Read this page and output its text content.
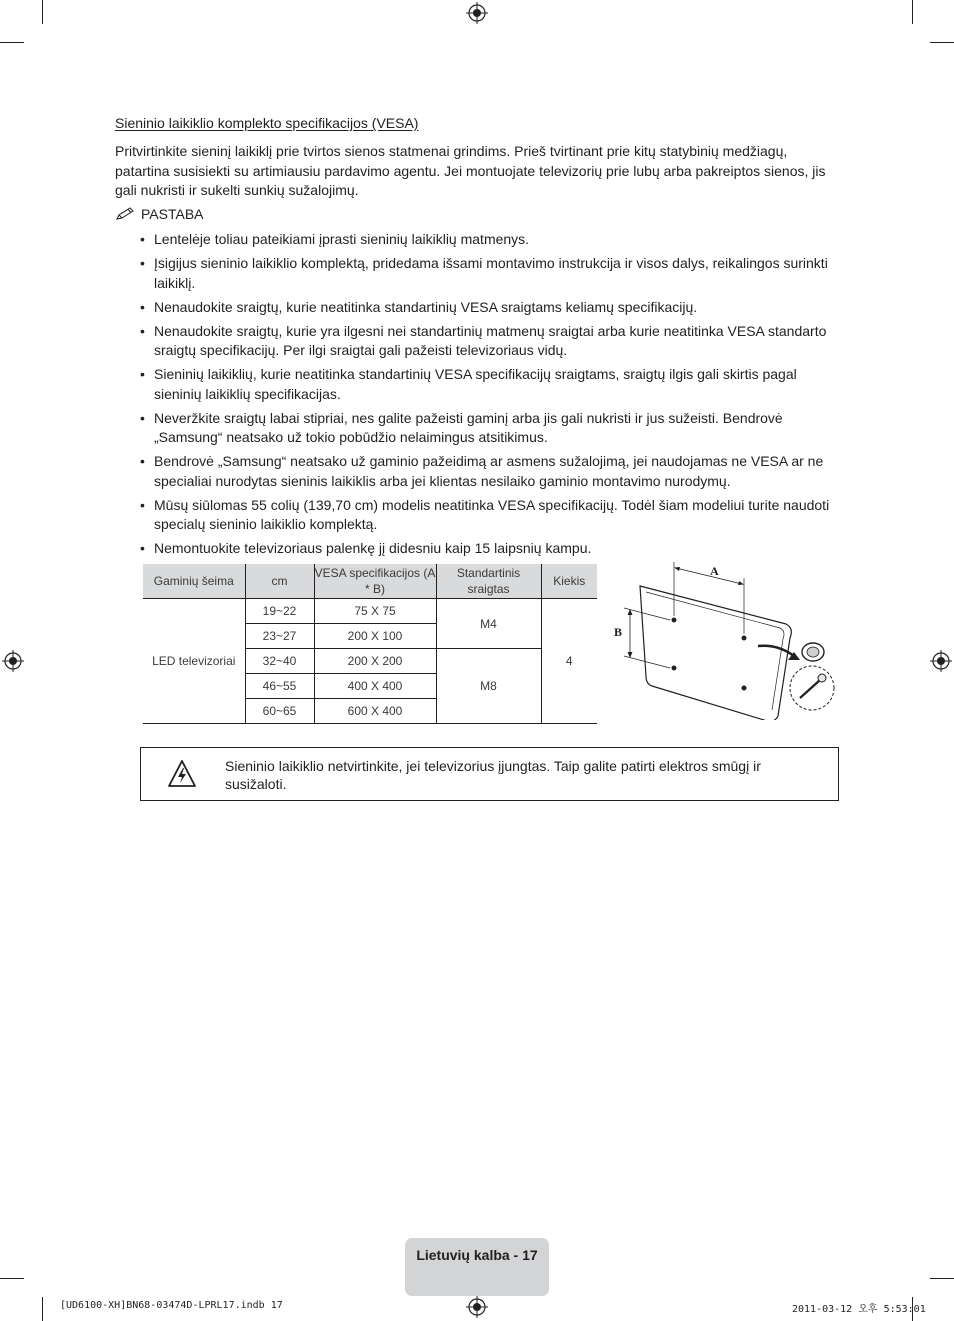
Sieninio laikiklio komplekto specifikacijos (VESA)
Pritvirtinkite sieninį laikiklį prie tvirtos sienos statmenai grindims. Prieš tvirtinant prie kitų statybinių medžiagų, patartina susisiekti su artimiausiu pardavimo agentu. Jei montuojate televizorių prie lubų arba pakreiptos sienos, jis gali nukristi ir sukelti sunkių sužalojimų.
PASTABA
• Lentelėje toliau pateikiami įprasti sieninių laikiklių matmenys.
• Įsigijus sieninio laikiklio komplektą, pridedama išsami montavimo instrukcija ir visos dalys, reikalingos surinkti laikiklį.
• Nenaudokite sraigtų, kurie neatitinka standartinių VESA sraigtams keliamų specifikacijų.
• Nenaudokite sraigtų, kurie yra ilgesni nei standartinių matmenų sraigtai arba kurie neatitinka VESA standarto sraigtų specifikacijų. Per ilgi sraigtai gali pažeisti televizoriaus vidų.
• Sieninių laikiklių, kurie neatitinka standartinių VESA specifikacijų sraigtams, sraigtų ilgis gali skirtis pagal sieninių laikiklių specifikacijas.
• Neveržkite sraigtų labai stipriai, nes galite pažeisti gaminį arba jis gali nukristi ir jus sužeisti. Bendrovė „Samsung“ neatsako už tokio pobūdžio nelaimingus atsitikimus.
• Bendrovė „Samsung“ neatsako už gaminio pažeidimą ar asmens sužalojimą, jei naudojamas ne VESA ar ne specialiai nurodytas sieninis laikiklis arba jei klientas nesilaiko gaminio montavimo nurodymų.
• Mūsų siūlomas 55 colių (139,70 cm) modelis neatitinka VESA specifikacijų. Todėl šiam modeliui turite naudoti specialų sieninio laikiklio komplektą.
• Nemontuokite televizoriaus palenkę jį didesniu kaip 15 laipsnių kampu.
Gaminių šeima	cm	VESA specifikacijos (A * B)	Standartinis sraigtas	Kiekis
LED televizoriai	19~22	75 X 75	M4	4
	23~27	200 X 100		
	32~40	200 X 200	M8	
	46~55	400 X 400		
	60~65	600 X 400		
A
B
Sieninio laikiklio netvirtinkite, jei televizorius įjungtas. Taip galite patirti elektros smūgį ir susižaloti.
Lietuvių kalba - 17
[UD6100-XH]BN68-03474D-LPRL17.indb 17	2011-03-12 오후 5:53:01
